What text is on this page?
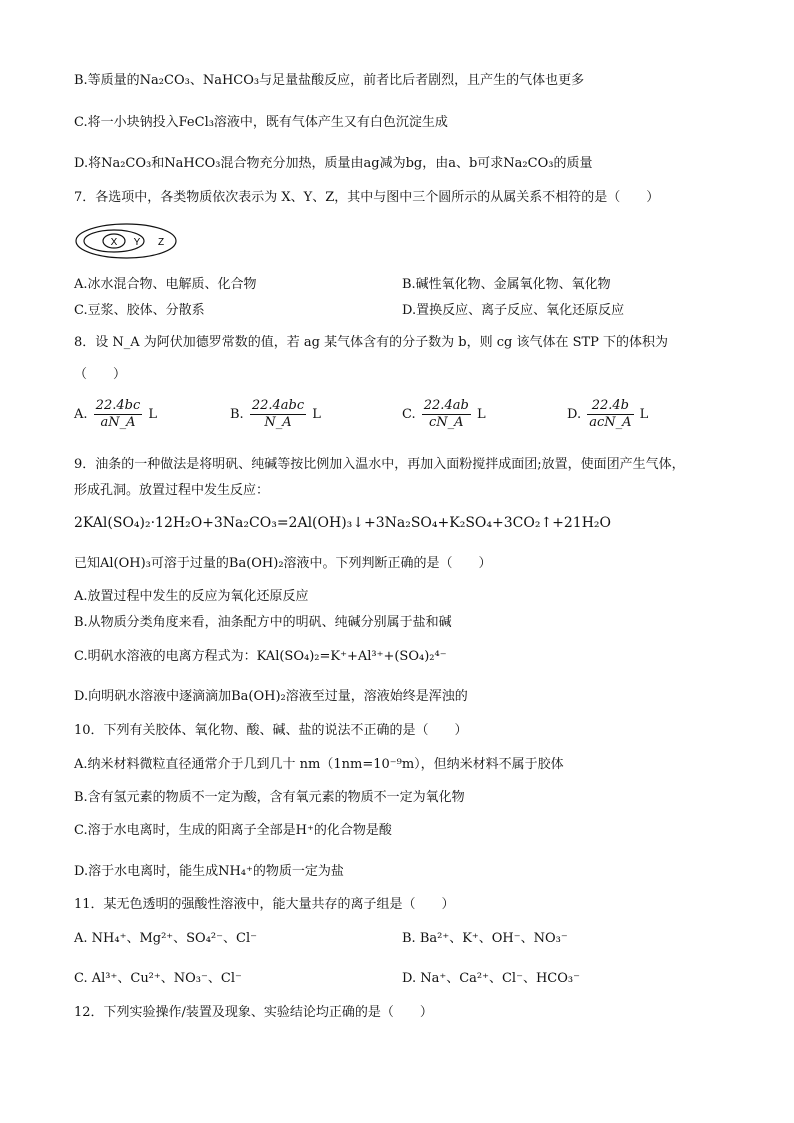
B.等质量的Na₂CO₃、NaHCO₃与足量盐酸反应，前者比后者剧烈，且产生的气体也更多
C.将一小块钠投入FeCl₃溶液中，既有气体产生又有白色沉淀生成
D.将Na₂CO₃和NaHCO₃混合物充分加热，质量由ag减为bg，由a、b可求Na₂CO₃的质量
7．各选项中，各类物质依次表示为 X、Y、Z，其中与图中三个圆所示的从属关系不相符的是（　　）
X Y Z
A.冰水混合物、电解质、化合物	B.碱性氧化物、金属氧化物、氧化物
C.豆浆、胶体、分散系	D.置换反应、离子反应、氧化还原反应
8．设 N_A 为阿伏加德罗常数的值，若 ag 某气体含有的分子数为 b，则 cg 该气体在 STP 下的体积为
（　　）
A. $\frac{22.4bc}{aN\_A}$ L	B. $\frac{\text{22.4abc}}{N\_A}$ L	C. $\frac{22.4ab}{cN\_A}$ L	D. $\frac{22.4b}{\text{acN\_A}}$ L
9．油条的一种做法是将明矾、纯碱等按比例加入温水中，再加入面粉搅拌成面团;放置，使面团产生气体，
形成孔洞。放置过程中发生反应：
2KAl(SO₄)₂·12H₂O+3Na₂CO₃=2Al(OH)₃↓+3Na₂SO₄+K₂SO₄+3CO₂↑+21H₂O
已知Al(OH)₃可溶于过量的Ba(OH)₂溶液中。下列判断正确的是（　　）
A.放置过程中发生的反应为氧化还原反应
B.从物质分类角度来看，油条配方中的明矾、纯碱分别属于盐和碱
C.明矾水溶液的电离方程式为：KAl(SO₄)₂=K⁺+Al³⁺+(SO₄)₂⁴⁻
D.向明矾水溶液中逐滴滴加Ba(OH)₂溶液至过量，溶液始终是浑浊的
10．下列有关胶体、氧化物、酸、碱、盐的说法不正确的是（　　）
A.纳米材料微粒直径通常介于几到几十 nm（1nm=10⁻⁹m），但纳米材料不属于胶体
B.含有氢元素的物质不一定为酸，含有氧元素的物质不一定为氧化物
C.溶于水电离时，生成的阳离子全部是H⁺的化合物是酸
D.溶于水电离时，能生成NH₄⁺的物质一定为盐
11．某无色透明的强酸性溶液中，能大量共存的离子组是（　　）
A. NH₄⁺、Mg²⁺、SO₄²⁻、Cl⁻	B. Ba²⁺、K⁺、OH⁻、NO₃⁻
C. Al³⁺、Cu²⁺、NO₃⁻、Cl⁻	D. Na⁺、Ca²⁺、Cl⁻、HCO₃⁻
12．下列实验操作/装置及现象、实验结论均正确的是（　　）
